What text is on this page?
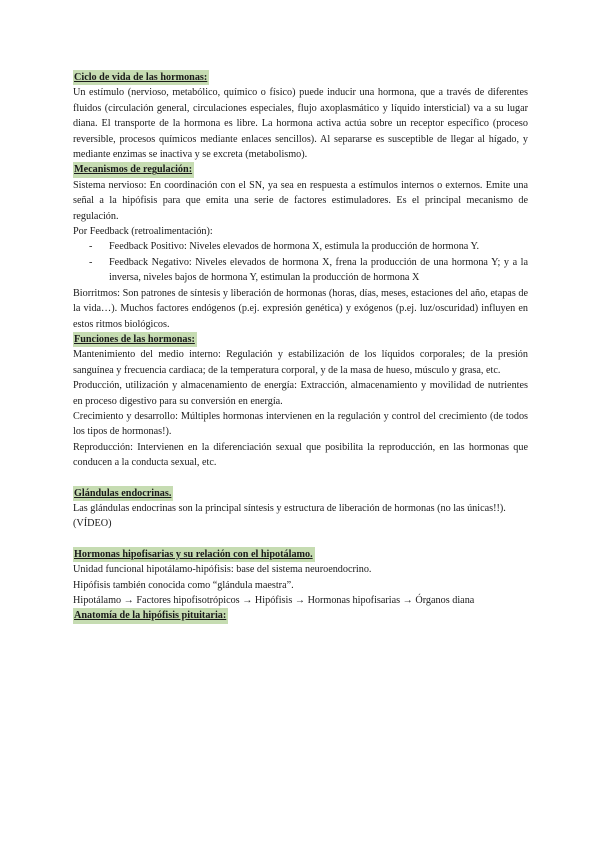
Ciclo de vida de las hormonas:

Un estímulo (nervioso, metabólico, químico o físico) puede inducir una hormona, que a través de diferentes fluidos (circulación general, circulaciones especiales, flujo axoplasmático y líquido intersticial) va a su lugar diana. El transporte de la hormona es libre. La hormona activa actúa sobre un receptor específico (proceso reversible, procesos químicos mediante enlaces sencillos). Al separarse es susceptible de llegar al hígado, y mediante enzimas se inactiva y se excreta (metabolismo).

Mecanismos de regulación:

Sistema nervioso: En coordinación con el SN, ya sea en respuesta a estímulos internos o externos. Emite una señal a la hipófisis para que emita una serie de factores estimuladores. Es el principal mecanismo de regulación.

Por Feedback (retroalimentación):

- Feedback Positivo: Niveles elevados de hormona X, estimula la producción de hormona Y.
- Feedback Negativo: Niveles elevados de hormona X, frena la producción de una hormona Y; y a la inversa, niveles bajos de hormona Y, estimulan la producción de hormona X

Biorritmos: Son patrones de síntesis y liberación de hormonas (horas, días, meses, estaciones del año, etapas de la vida…). Muchos factores endógenos (p.ej. expresión genética) y exógenos (p.ej. luz/oscuridad) influyen en estos ritmos biológicos.

Funciones de las hormonas:

Mantenimiento del medio interno: Regulación y estabilización de los líquidos corporales; de la presión sanguínea y frecuencia cardiaca; de la temperatura corporal, y de la masa de hueso, músculo y grasa, etc.

Producción, utilización y almacenamiento de energía: Extracción, almacenamiento y movilidad de nutrientes en proceso digestivo para su conversión en energía.

Crecimiento y desarrollo: Múltiples hormonas intervienen en la regulación y control del crecimiento (de todos los tipos de hormonas!).

Reproducción: Intervienen en la diferenciación sexual que posibilita la reproducción, en las hormonas que conducen a la conducta sexual, etc.

Glándulas endocrinas.

Las glándulas endocrinas son la principal síntesis y estructura de liberación de hormonas (no las únicas!!).

(VÍDEO)

Hormonas hipofisarias y su relación con el hipotálamo.

Unidad funcional hipotálamo-hipófisis: base del sistema neuroendocrino.

Hipófisis también conocida como “glándula maestra”.

Hipotálamo → Factores hipofisotrópicos → Hipófisis → Hormonas hipofisarias → Órganos diana

Anatomía de la hipófisis pituitaria:
